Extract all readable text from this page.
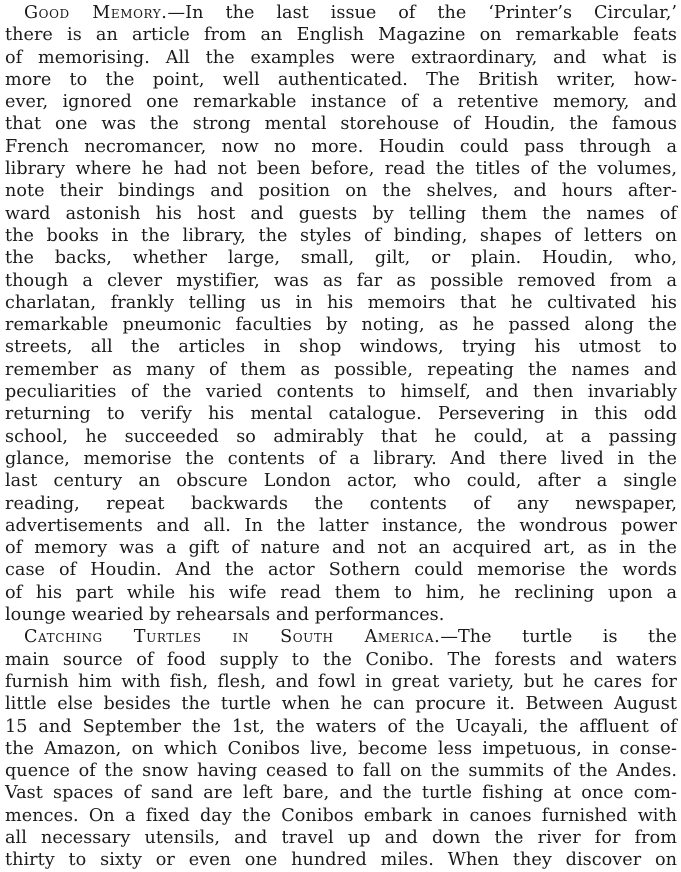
Good Memory.—In the last issue of the ‘Printer’s Circular,’
there is an article from an English Magazine on remarkable feats
of memorising. All the examples were extraordinary, and what is
more to the point, well authenticated. The British writer, how-
ever, ignored one remarkable instance of a retentive memory, and
that one was the strong mental storehouse of Houdin, the famous
French necromancer, now no more. Houdin could pass through a
library where he had not been before, read the titles of the volumes,
note their bindings and position on the shelves, and hours after-
ward astonish his host and guests by telling them the names of
the books in the library, the styles of binding, shapes of letters on
the backs, whether large, small, gilt, or plain. Houdin, who,
though a clever mystifier, was as far as possible removed from a
charlatan, frankly telling us in his memoirs that he cultivated his
remarkable pneumonic faculties by noting, as he passed along the
streets, all the articles in shop windows, trying his utmost to
remember as many of them as possible, repeating the names and
peculiarities of the varied contents to himself, and then invariably
returning to verify his mental catalogue. Persevering in this odd
school, he succeeded so admirably that he could, at a passing
glance, memorise the contents of a library. And there lived in the
last century an obscure London actor, who could, after a single
reading, repeat backwards the contents of any newspaper,
advertisements and all. In the latter instance, the wondrous power
of memory was a gift of nature and not an acquired art, as in the
case of Houdin. And the actor Sothern could memorise the words
of his part while his wife read them to him, he reclining upon a
lounge wearied by rehearsals and performances.
Catching Turtles in South America.—The turtle is the
main source of food supply to the Conibo. The forests and waters
furnish him with fish, flesh, and fowl in great variety, but he cares for
little else besides the turtle when he can procure it. Between August
15 and September the 1st, the waters of the Ucayali, the affluent of
the Amazon, on which Conibos live, become less impetuous, in conse-
quence of the snow having ceased to fall on the summits of the Andes.
Vast spaces of sand are left bare, and the turtle fishing at once com-
mences. On a fixed day the Conibos embark in canoes furnished with
all necessary utensils, and travel up and down the river for from
thirty to sixty or even one hundred miles. When they discover on
